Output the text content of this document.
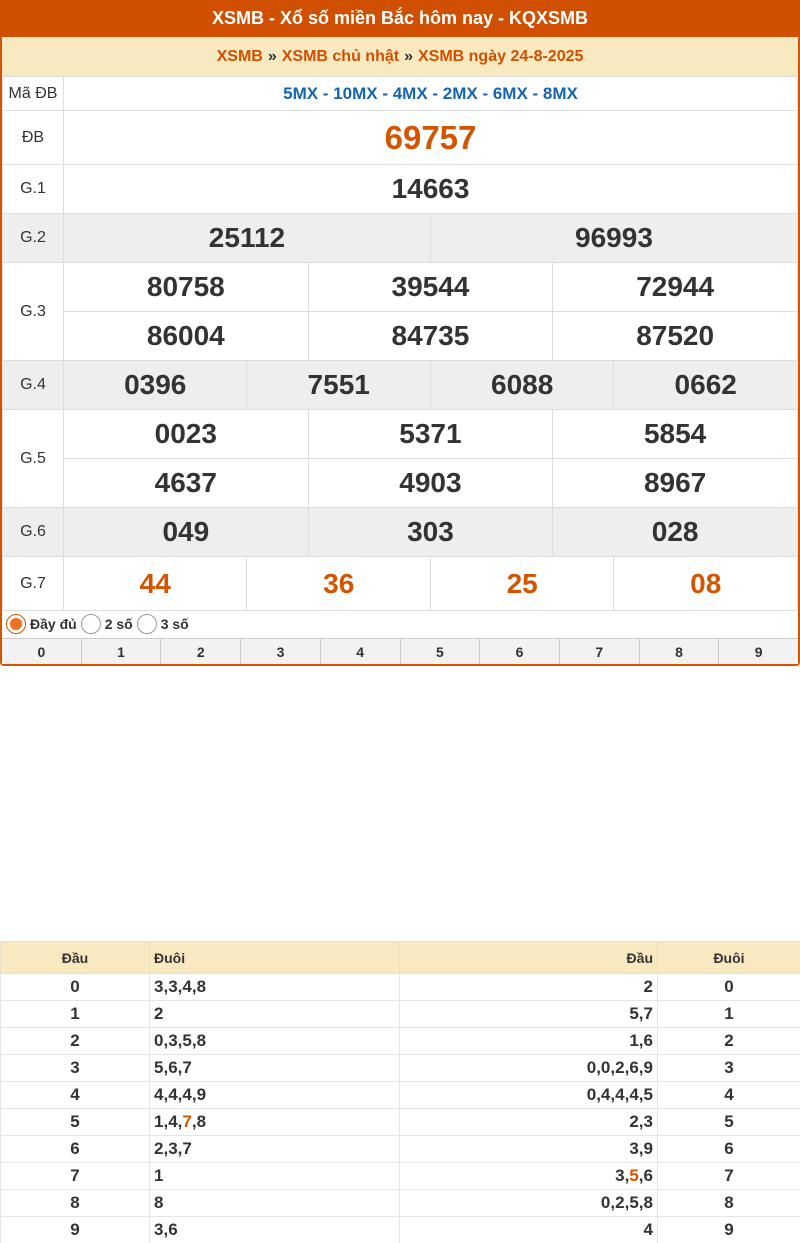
XSMB - Xổ số miền Bắc hôm nay - KQXSMB
XSMB » XSMB chủ nhật » XSMB ngày 24-8-2025
Mã ĐB	5MX - 10MX - 4MX - 2MX - 6MX - 8MX					
ĐB	69757					
G.1	14663					
G.2	25112			96993		
G.3	80758		39544		72944	
	86004		84735		87520	
G.4	0396	7551		6088		0662
G.5	0023		5371		5854	
	4637		4903		8967	
G.6	049		303		028	
G.7	44	36		25		08
Đầy đủ 2 số 3 số
0	1	2	3	4	5	6	7	8	9
Đầu	Đuôi	Đầu	Đuôi
0	3,3,4,8	2	0
1	2	5,7	1
2	0,3,5,8	1,6	2
3	5,6,7	0,0,2,6,9	3
4	4,4,4,9	0,4,4,4,5	4
5	1,4,7,8	2,3	5
6	2,3,7	3,9	6
7	1	3,5,6	7
8	8	0,2,5,8	8
9	3,6	4	9
